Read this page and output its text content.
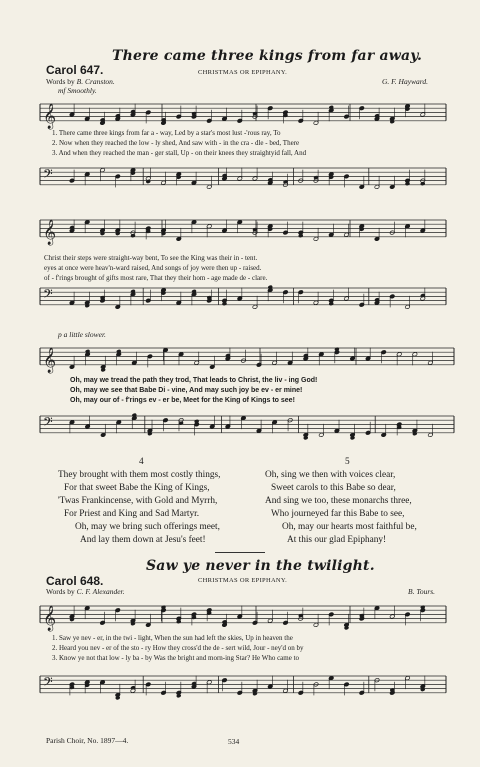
There came three kings from far away.
Carol 647.	CHRISTMAS OR EPIPHANY.
Words by B. Cranston.	G. F. Hayward.
mf Smoothly.
𝄞
1. There came three kings from far a - way, Led by a star's most lust -'rous ray, To
2. Now when they reached the low - ly shed, And saw with - in the cra - dle - bed, There
3. And when they reached the man - ger stall, Up - on their knees they straightyid fall, And
𝄢
𝄞
Christ their steps were straight-way bent, To see the King was their in - tent.
eyes at once were heav'n-ward raised, And songs of joy were then up - raised.
of - f'rings brought of gifts most rare, That they their hom - age made de - clare.
𝄢
p a little slower.
𝄞
Oh, may we tread the path they trod, That leads to Christ, the liv - ing God!
Oh, may we see that Babe Di - vine, And may such joy be ev - er mine!
Oh, may our of - f'rings ev - er be, Meet for the King of Kings to see!
𝄢
4	5
They brought with them most costly things,
For that sweet Babe the King of Kings,
'Twas Frankincense, with Gold and Myrrh,
For Priest and King and Sad Martyr.
Oh, may we bring such offerings meet,
And lay them down at Jesu's feet!
Oh, sing we then with voices clear,
Sweet carols to this Babe so dear,
And sing we too, these monarchs three,
Who journeyed far this Babe to see,
Oh, may our hearts most faithful be,
At this our glad Epiphany!
Saw ye never in the twilight.
Carol 648.	CHRISTMAS OR EPIPHANY.
Words by C. F. Alexander.	B. Tours.
𝄞
1. Saw ye nev - er, in the twi - light, When the sun had left the skies, Up in heaven the
2. Heard you nev - er of the sto - ry How they cross'd the de - sert wild, Jour - ney'd on by
3. Know ye not that low - ly ba - by Was the bright and morn-ing Star? He Who came to
𝄢
Parish Choir, No. 1897—4.	534
